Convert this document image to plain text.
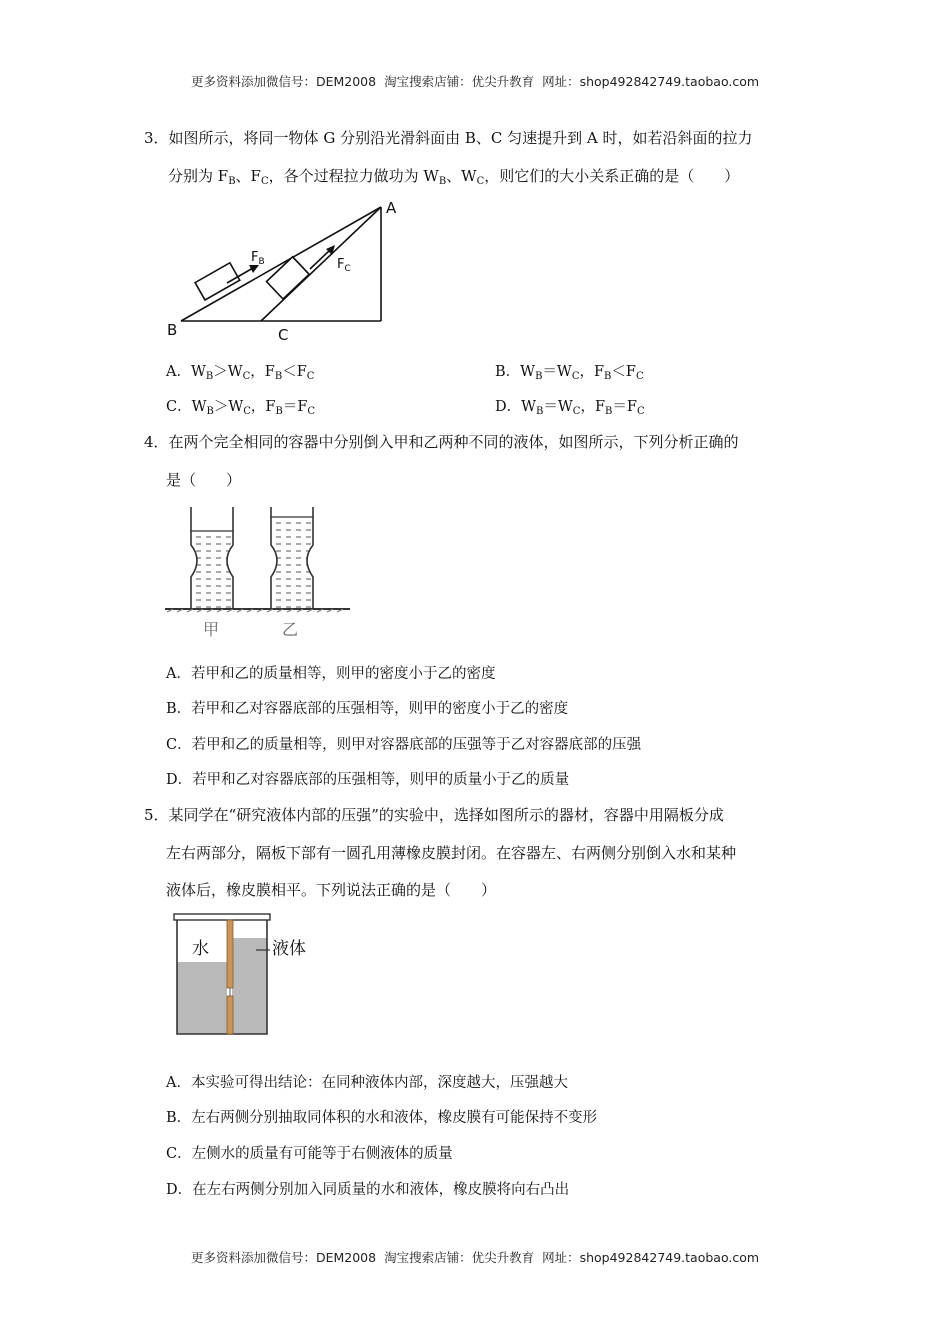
更多资料添加微信号：DEM2008 淘宝搜索店铺：优尖升教育 网址：shop492842749.taobao.com
3．如图所示，将同一物体 G 分别沿光滑斜面由 B、C 匀速提升到 A 时，如若沿斜面的拉力
分别为 $F_B$、$F_C$，各个过程拉力做功为 $W_B$、$W_C$，则它们的大小关系正确的是（　　）
B	C
A
$F_B$	$F_C$
A．$W_B>W_C$，$F_B<F_C$	B．$W_B=W_C$，$F_B<F_C$
C．$W_B>W_C$，$F_B=F_C$	D．$W_B=W_C$，$F_B=F_C$
4．在两个完全相同的容器中分别倒入甲和乙两种不同的液体，如图所示，下列分析正确的
是（　　）
甲	乙
A．若甲和乙的质量相等，则甲的密度小于乙的密度
B．若甲和乙对容器底部的压强相等，则甲的密度小于乙的密度
C．若甲和乙的质量相等，则甲对容器底部的压强等于乙对容器底部的压强
D．若甲和乙对容器底部的压强相等，则甲的质量小于乙的质量
5．某同学在“研究液体内部的压强”的实验中，选择如图所示的器材，容器中用隔板分成
左右两部分，隔板下部有一圆孔用薄橡皮膜封闭。在容器左、右两侧分别倒入水和某种
液体后，橡皮膜相平。下列说法正确的是（　　）
水	液体
A．本实验可得出结论：在同种液体内部，深度越大，压强越大
B．左右两侧分别抽取同体积的水和液体，橡皮膜有可能保持不变形
C．左侧水的质量有可能等于右侧液体的质量
D．在左右两侧分别加入同质量的水和液体，橡皮膜将向右凸出
更多资料添加微信号：DEM2008 淘宝搜索店铺：优尖升教育 网址：shop492842749.taobao.com
